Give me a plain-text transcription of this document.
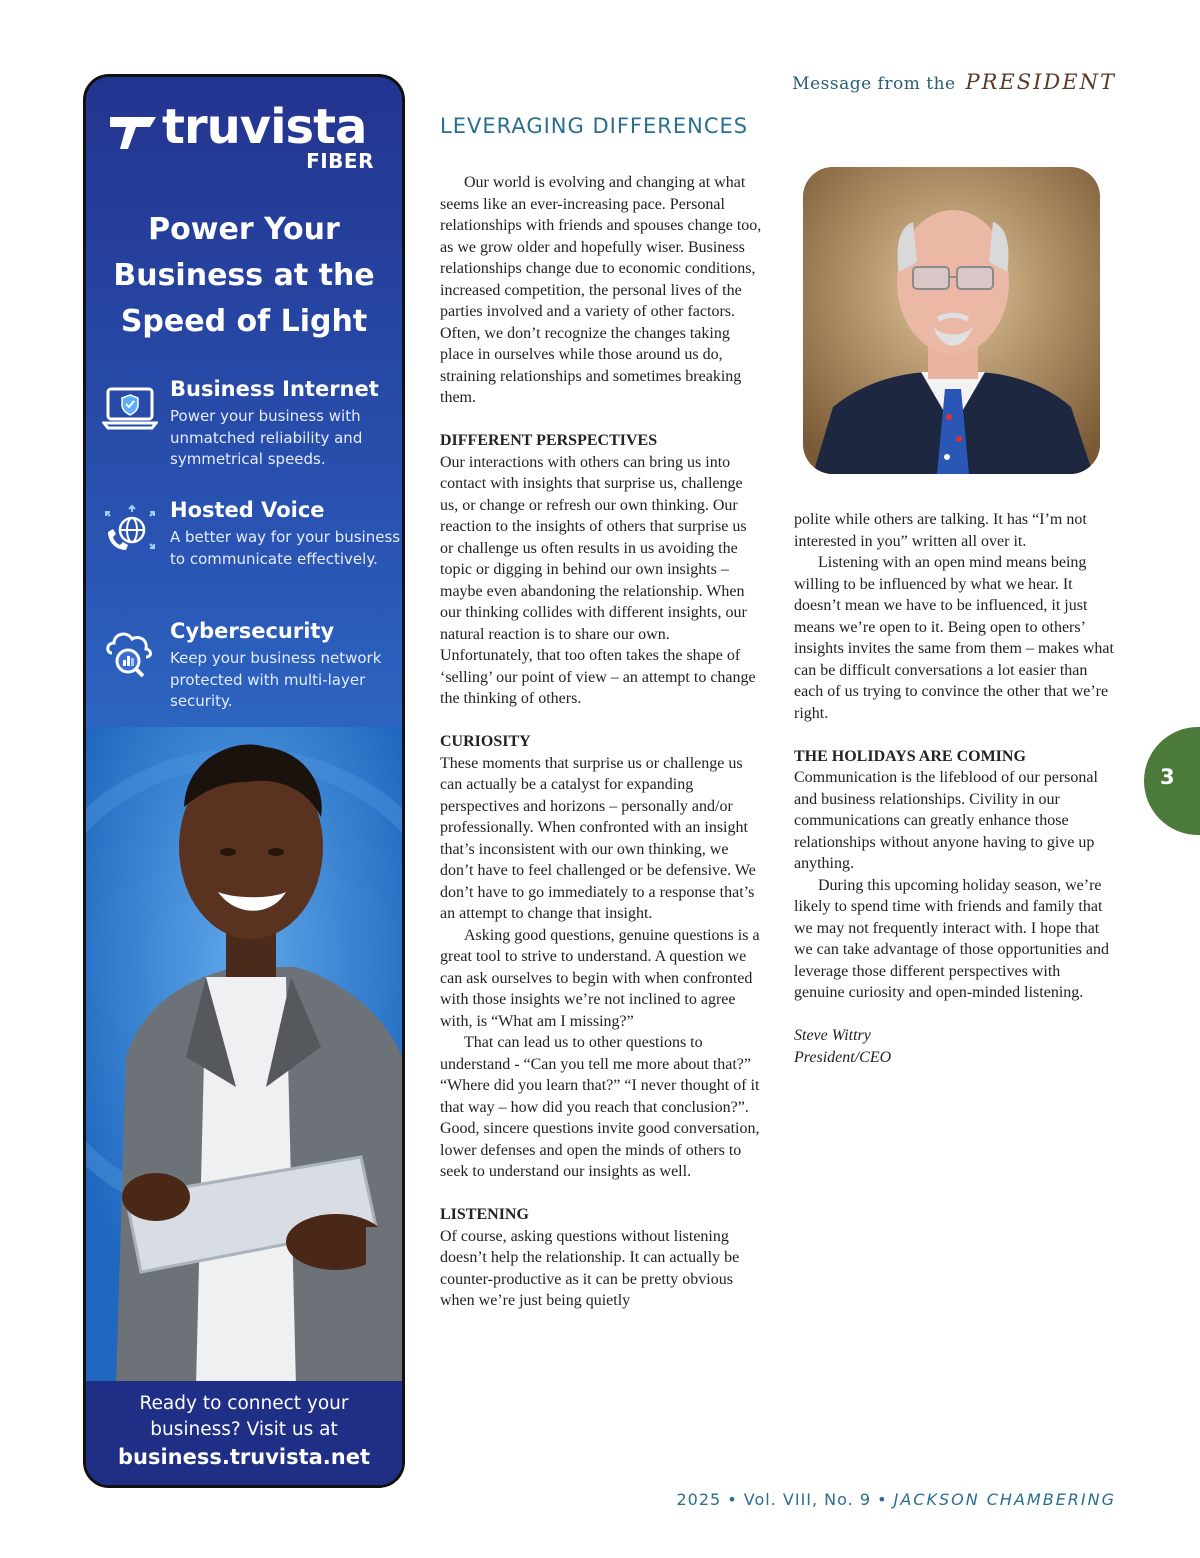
Message from the PRESIDENT
truvista
FIBER
Power Your
Business at the
Speed of Light
Business Internet
Power your business with unmatched reliability and symmetrical speeds.
Hosted Voice
A better way for your business to communicate effectively.
Cybersecurity
Keep your business network protected with multi-layer security.
Ready to connect your
business? Visit us at
business.truvista.net
LEVERAGING DIFFERENCES

Our world is evolving and changing at what seems like an ever-increasing pace. Personal relationships with friends and spouses change too, as we grow older and hopefully wiser. Business relationships change due to economic conditions, increased competition, the personal lives of the parties involved and a variety of other factors. Often, we don’t recognize the changes taking place in ourselves while those around us do, straining relationships and sometimes breaking them.

DIFFERENT PERSPECTIVES

Our interactions with others can bring us into contact with insights that surprise us, challenge us, or change or refresh our own thinking. Our reaction to the insights of others that surprise us or challenge us often results in us avoiding the topic or digging in behind our own insights – maybe even abandoning the relationship. When our thinking collides with different insights, our natural reaction is to share our own. Unfortunately, that too often takes the shape of ‘selling’ our point of view – an attempt to change the thinking of others.

CURIOSITY

These moments that surprise us or challenge us can actually be a catalyst for expanding perspectives and horizons – personally and/or professionally. When confronted with an insight that’s inconsistent with our own thinking, we don’t have to feel challenged or be defensive. We don’t have to go immediately to a response that’s an attempt to change that insight.

Asking good questions, genuine questions is a great tool to strive to understand. A question we can ask ourselves to begin with when confronted with those insights we’re not inclined to agree with, is “What am I missing?”

That can lead us to other questions to understand - “Can you tell me more about that?” “Where did you learn that?” “I never thought of it that way – how did you reach that conclusion?”. Good, sincere questions invite good conversation, lower defenses and open the minds of others to seek to understand our insights as well.

LISTENING

Of course, asking questions without listening doesn’t help the relationship. It can actually be counter-productive as it can be pretty obvious when we’re just being quietly

polite while others are talking. It has “I’m not interested in you” written all over it.

Listening with an open mind means being willing to be influenced by what we hear. It doesn’t mean we have to be influenced, it just means we’re open to it. Being open to others’ insights invites the same from them – makes what can be difficult conversations a lot easier than each of us trying to convince the other that we’re right.

THE HOLIDAYS ARE COMING

Communication is the lifeblood of our personal and business relationships. Civility in our communications can greatly enhance those relationships without anyone having to give up anything.

During this upcoming holiday season, we’re likely to spend time with friends and family that we may not frequently interact with. I hope that we can take advantage of those opportunities and leverage those different perspectives with genuine curiosity and open-minded listening.

Steve Wittry
President/CEO

3
2025 • Vol. VIII, No. 9 • JACKSON CHAMBERING
